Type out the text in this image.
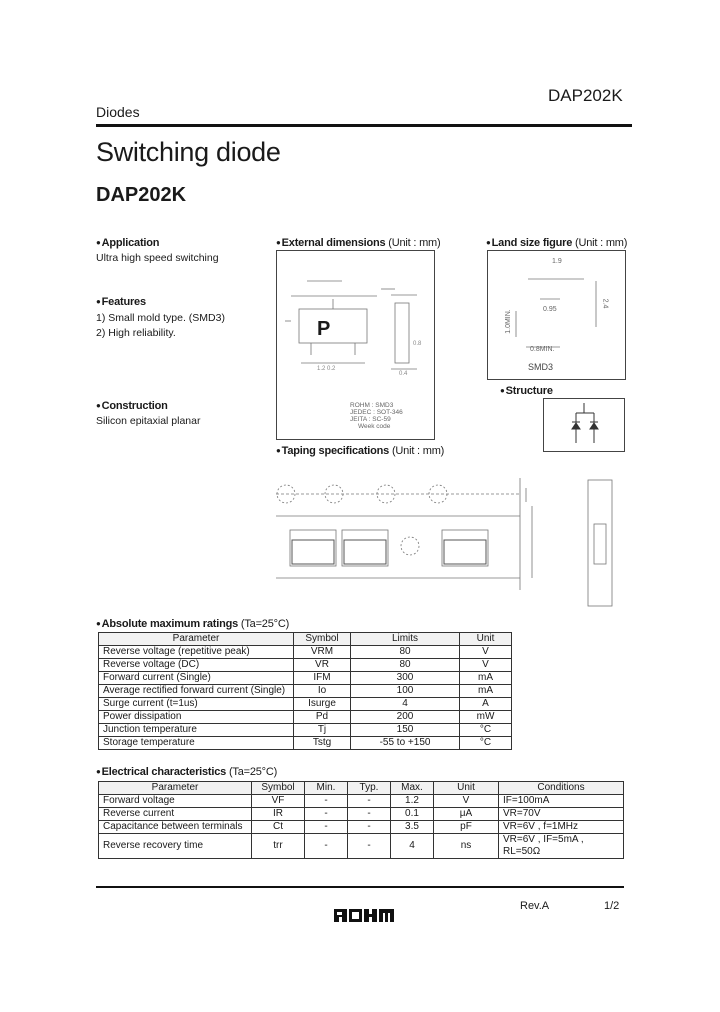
DAP202K
Diodes
Switching diode
DAP202K
● Application
Ultra high speed switching
● Features
1) Small mold type. (SMD3)
2) High reliability.
● Construction
Silicon epitaxial planar
● External dimensions (Unit : mm)
1.2 0.2
0.4
0.8
P
ROHM : SMD3
JEDEC : SOT-346
JEITA : SC-59
Week code
● Land size figure (Unit : mm)
1.9
0.95
2.4
1.0MIN.
0.8MIN.
SMD3
● Structure
● Taping specifications (Unit : mm)
● Absolute maximum ratings (Ta=25°C)
Parameter	Symbol	Limits	Unit
Reverse voltage (repetitive peak)	VRM	80	V
Reverse voltage (DC)	VR	80	V
Forward current (Single)	IFM	300	mA
Average rectified forward current (Single)	Io	100	mA
Surge current (t=1us)	Isurge	4	A
Power dissipation	Pd	200	mW
Junction temperature	Tj	150	°C
Storage temperature	Tstg	-55 to +150	°C
● Electrical characteristics (Ta=25°C)
Parameter	Symbol	Min.	Typ.	Max.	Unit	Conditions
Forward voltage	VF	-	-	1.2	V	IF=100mA
Reverse current	IR	-	-	0.1	μA	VR=70V
Capacitance between terminals	Ct	-	-	3.5	pF	VR=6V , f=1MHz
Reverse recovery time	trr	-	-	4	ns	VR=6V , IF=5mA , RL=50Ω
Rev.A	1/2
